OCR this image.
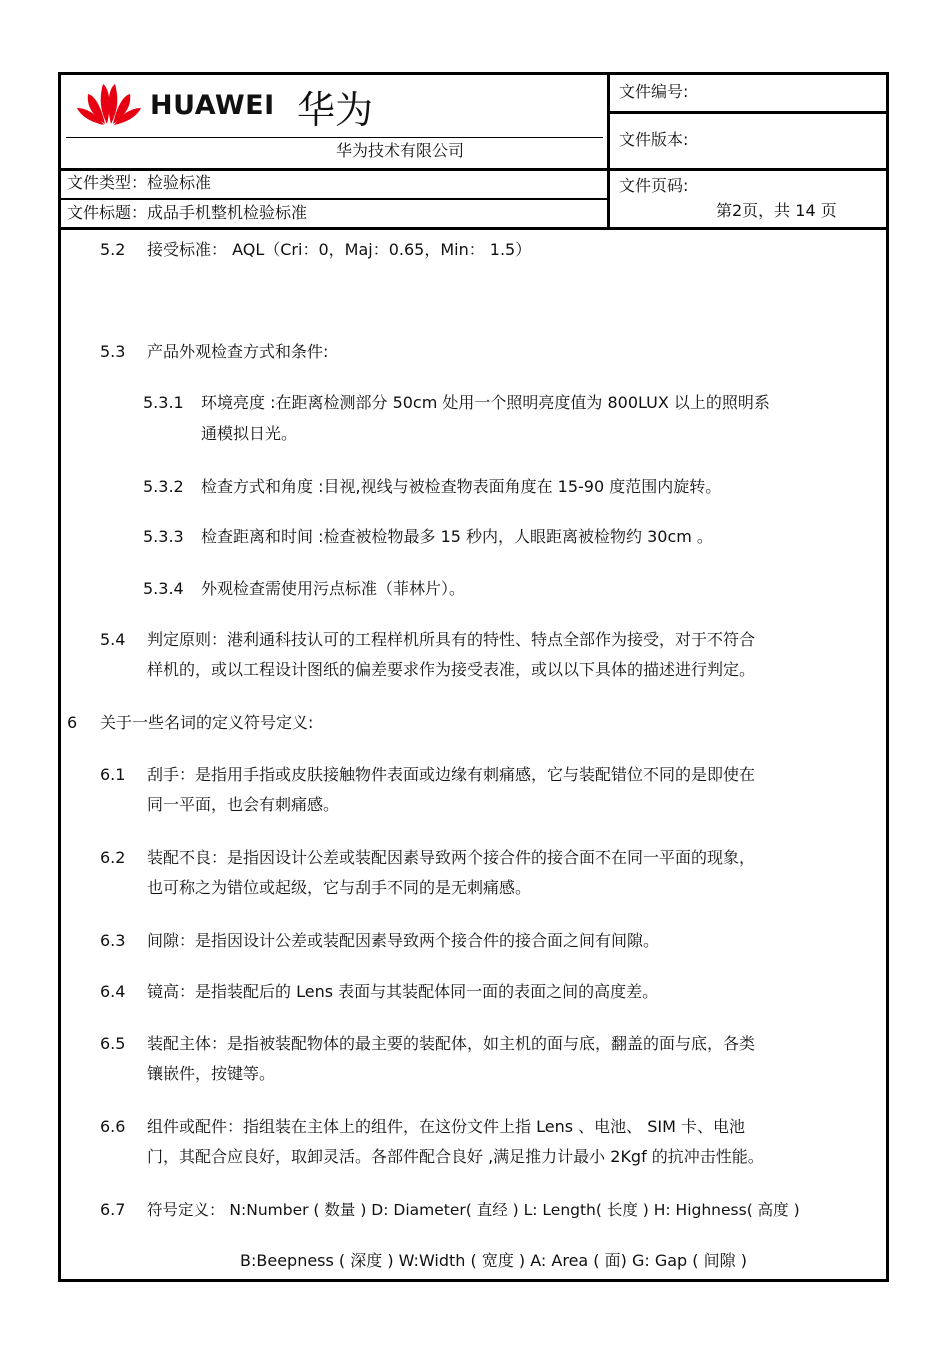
HUAWEI 华为
华为技术有限公司
文件类型：检验标准
文件标题：成品手机整机检验标准
文件编号:
文件版本:
文件页码:
第2页，共 14 页
5.2 接受标准： AQL（Cri：0，Maj：0.65，Min： 1.5）
5.3 产品外观检查方式和条件:
5.3.1 环境亮度 :在距离检测部分 50cm 处用一个照明亮度值为 800LUX 以上的照明系
通模拟日光。
5.3.2 检查方式和角度 :目视,视线与被检查物表面角度在 15-90 度范围内旋转。
5.3.3 检查距离和时间 :检查被检物最多 15 秒内，人眼距离被检物约 30cm 。
5.3.4 外观检查需使用污点标准（菲林片）。
5.4 判定原则：港利通科技认可的工程样机所具有的特性、特点全部作为接受，对于不符合
样机的，或以工程设计图纸的偏差要求作为接受表准，或以以下具体的描述进行判定。
6 关于一些名词的定义符号定义:
6.1 刮手：是指用手指或皮肤接触物件表面或边缘有刺痛感，它与装配错位不同的是即使在
同一平面，也会有刺痛感。
6.2 装配不良：是指因设计公差或装配因素导致两个接合件的接合面不在同一平面的现象，
也可称之为错位或起级，它与刮手不同的是无刺痛感。
6.3 间隙：是指因设计公差或装配因素导致两个接合件的接合面之间有间隙。
6.4 镜高：是指装配后的 Lens 表面与其装配体同一面的表面之间的高度差。
6.5 装配主体：是指被装配物体的最主要的装配体，如主机的面与底，翻盖的面与底，各类
镶嵌件，按键等。
6.6 组件或配件：指组装在主体上的组件，在这份文件上指 Lens 、电池、 SIM 卡、电池
门，其配合应良好，取卸灵活。各部件配合良好 ,满足推力计最小 2Kgf 的抗冲击性能。
6.7 符号定义： N:Number ( 数量 ) D: Diameter( 直经 ) L: Length( 长度 ) H: Highness( 高度 )
B:Beepness ( 深度 ) W:Width ( 宽度 ) A: Area ( 面) G: Gap ( 间隙 )
